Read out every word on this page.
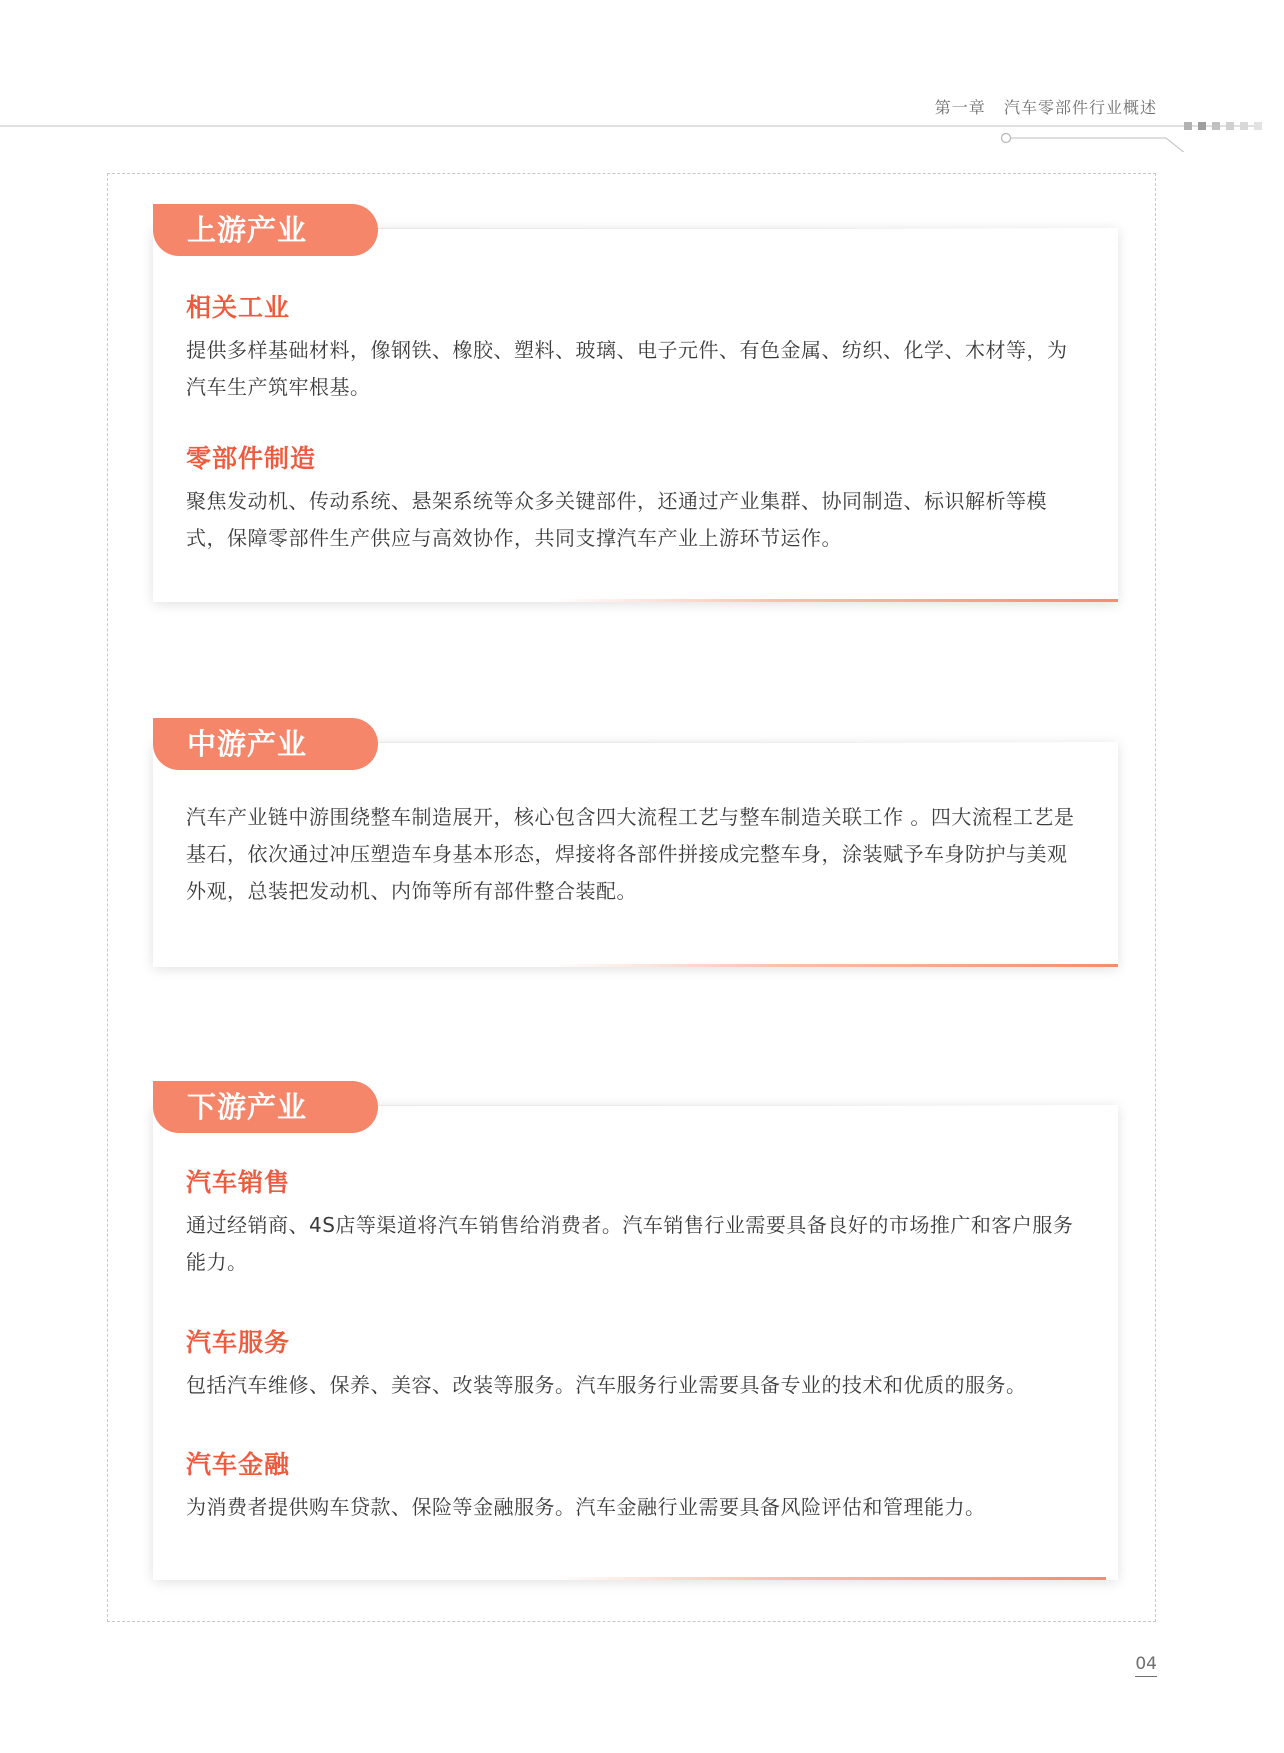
第一章 汽车零部件行业概述
相关工业
提供多样基础材料，像钢铁、橡胶、塑料、玻璃、电子元件、有色金属、纺织、化学、木材等，为汽车生产筑牢根基。
零部件制造
聚焦发动机、传动系统、悬架系统等众多关键部件，还通过产业集群、协同制造、标识解析等模式，保障零部件生产供应与高效协作，共同支撑汽车产业上游环节运作。
上游产业
汽车产业链中游围绕整车制造展开，核心包含四大流程工艺与整车制造关联工作 。四大流程工艺是基石，依次通过冲压塑造车身基本形态，焊接将各部件拼接成完整车身，涂装赋予车身防护与美观外观，总装把发动机、内饰等所有部件整合装配。
中游产业
汽车销售
通过经销商、4S店等渠道将汽车销售给消费者。汽车销售行业需要具备良好的市场推广和客户服务能力。
汽车服务
包括汽车维修、保养、美容、改装等服务。汽车服务行业需要具备专业的技术和优质的服务。
汽车金融
为消费者提供购车贷款、保险等金融服务。汽车金融行业需要具备风险评估和管理能力。
下游产业
04
